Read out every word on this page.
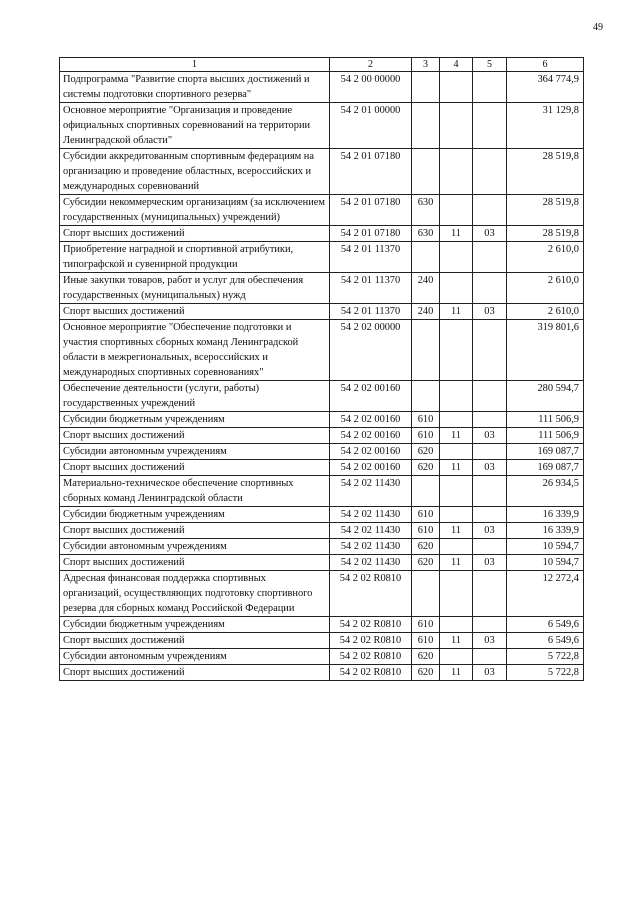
49
1	2	3	4	5	6
Подпрограмма "Развитие спорта высших достижений и системы подготовки спортивного резерва"	54 2 00 00000				364 774,9
Основное мероприятие "Организация и проведение официальных спортивных соревнований на территории Ленинградской области"	54 2 01 00000				31 129,8
Субсидии аккредитованным спортивным федерациям на организацию и проведение областных, всероссийских и международных соревнований	54 2 01 07180				28 519,8
Субсидии некоммерческим организациям (за исключением государственных (муниципальных) учреждений)	54 2 01 07180	630			28 519,8
Спорт высших достижений	54 2 01 07180	630	11	03	28 519,8
Приобретение наградной и спортивной атрибутики, типографской и сувенирной продукции	54 2 01 11370				2 610,0
Иные закупки товаров, работ и услуг для обеспечения государственных (муниципальных) нужд	54 2 01 11370	240			2 610,0
Спорт высших достижений	54 2 01 11370	240	11	03	2 610,0
Основное мероприятие "Обеспечение подготовки и участия спортивных сборных команд Ленинградской области в межрегиональных, всероссийских и международных спортивных соревнованиях"	54 2 02 00000				319 801,6
Обеспечение деятельности (услуги, работы) государственных учреждений	54 2 02 00160				280 594,7
Субсидии бюджетным учреждениям	54 2 02 00160	610			111 506,9
Спорт высших достижений	54 2 02 00160	610	11	03	111 506,9
Субсидии автономным учреждениям	54 2 02 00160	620			169 087,7
Спорт высших достижений	54 2 02 00160	620	11	03	169 087,7
Материально-техническое обеспечение спортивных сборных команд Ленинградской области	54 2 02 11430				26 934,5
Субсидии бюджетным учреждениям	54 2 02 11430	610			16 339,9
Спорт высших достижений	54 2 02 11430	610	11	03	16 339,9
Субсидии автономным учреждениям	54 2 02 11430	620			10 594,7
Спорт высших достижений	54 2 02 11430	620	11	03	10 594,7
Адресная финансовая поддержка спортивных организаций, осуществляющих подготовку спортивного резерва для сборных команд Российской Федерации	54 2 02 R0810				12 272,4
Субсидии бюджетным учреждениям	54 2 02 R0810	610			6 549,6
Спорт высших достижений	54 2 02 R0810	610	11	03	6 549,6
Субсидии автономным учреждениям	54 2 02 R0810	620			5 722,8
Спорт высших достижений	54 2 02 R0810	620	11	03	5 722,8
